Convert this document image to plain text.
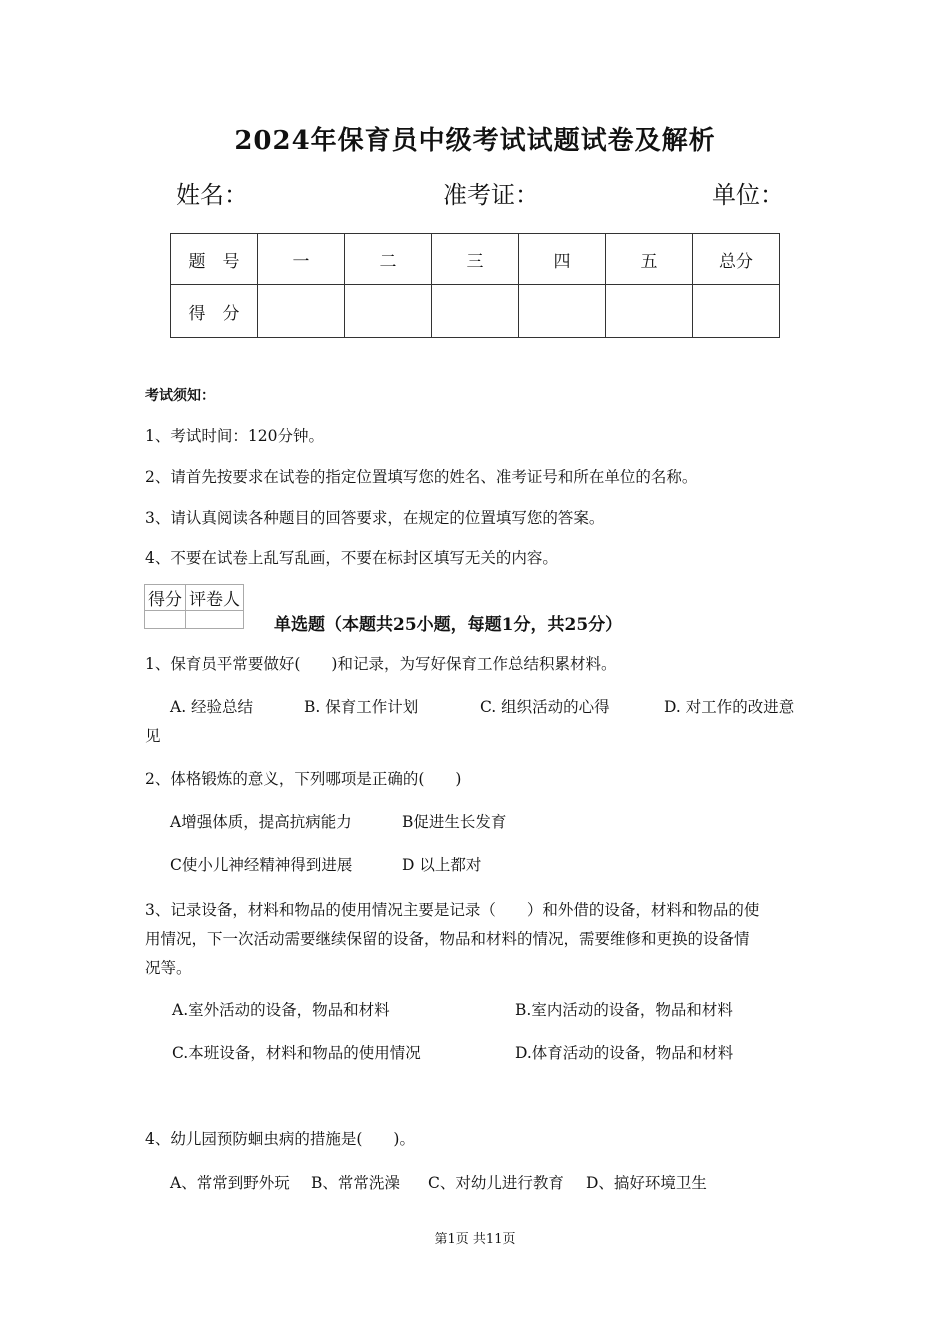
2024年保育员中级考试试题试卷及解析
姓名：	准考证：	单位：
题　号	一	二	三	四	五	总分
得　分						
考试须知：
1、考试时间：120分钟。
2、请首先按要求在试卷的指定位置填写您的姓名、准考证号和所在单位的名称。
3、请认真阅读各种题目的回答要求，在规定的位置填写您的答案。
4、不要在试卷上乱写乱画，不要在标封区填写无关的内容。
得分	评卷人

单选题（本题共25小题，每题1分，共25分）
1、保育员平常要做好(　　)和记录，为写好保育工作总结积累材料。
A. 经验总结	B. 保育工作计划	C. 组织活动的心得	D. 对工作的改进意
见
2、体格锻炼的意义，下列哪项是正确的(　　)
A增强体质，提高抗病能力	B促进生长发育
C使小儿神经精神得到进展	D 以上都对
3、记录设备，材料和物品的使用情况主要是记录（　　）和外借的设备，材料和物品的使
用情况，下一次活动需要继续保留的设备，物品和材料的情况，需要维修和更换的设备情
况等。
A.室外活动的设备，物品和材料	B.室内活动的设备，物品和材料
C.本班设备，材料和物品的使用情况	D.体育活动的设备，物品和材料
4、幼儿园预防蛔虫病的措施是(　　)。
A、常常到野外玩 B、常常洗澡 C、对幼儿进行教育 D、搞好环境卫生
第1页 共11页
